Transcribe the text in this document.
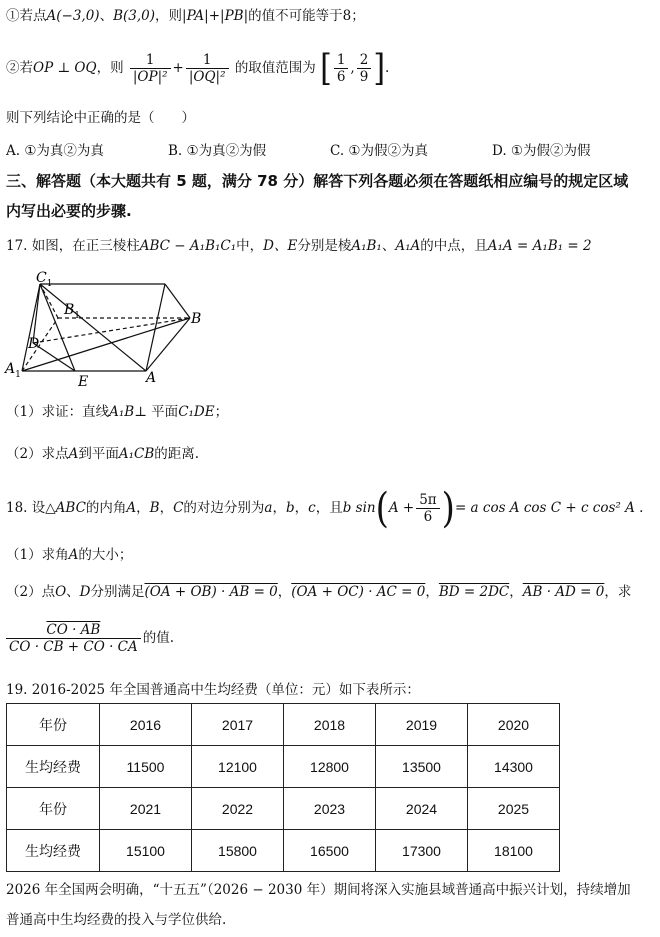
①若点A(−3,0)、B(3,0)，则|PA|+|PB|的值不可能等于8；
②若OP ⊥ OQ，则 $\frac{1}{\text{|OP|²}} + \frac{1}{\text{|OQ|²}}$ 的取值范围为 [ $\frac{1}{6}$ , $\frac{2}{9}$ ].
则下列结论中正确的是（　　）
A. ①为真②为真	B. ①为真②为假	C. ①为假②为真	D. ①为假②为假
三、解答题（本大题共有 5 题，满分 78 分）解答下列各题必须在答题纸相应编号的规定区域
内写出必要的步骤.
17. 如图，在正三棱柱ABC − A₁B₁C₁中，D、E分别是棱A₁B₁、A₁A的中点，且A₁A = A₁B₁ = 2
$C_1$
$B_1$	B
D
$A_1$	E	A
（1）求证：直线A₁B⊥ 平面C₁DE；
（2）求点A到平面A₁CB的距离.
18. 设△ABC的内角A，B，C的对边分别为a，b，c，且b $\sin(A + \frac{5\pi}{6}$ )= a cos A cos C + c cos² A .
（1）求角A的大小；
（2）点O、D分别满足(OA + OB) · AB = 0，(OA + OC) · AC = 0，BD = 2DC，AB · AD = 0，求
$\frac{CO \cdot AB}{CO \cdot CB + CO \cdot CA}$ 的值.
19. 2016-2025 年全国普通高中生均经费（单位：元）如下表所示：
年份	2016	2017	2018	2019	2020
生均经费	11500	12100	12800	13500	14300
年份	2021	2022	2023	2024	2025
生均经费	15100	15800	16500	17300	18100
2026 年全国两会明确，“十五五”（2026 − 2030 年）期间将深入实施县域普通高中振兴计划，持续增加
普通高中生均经费的投入与学位供给.
